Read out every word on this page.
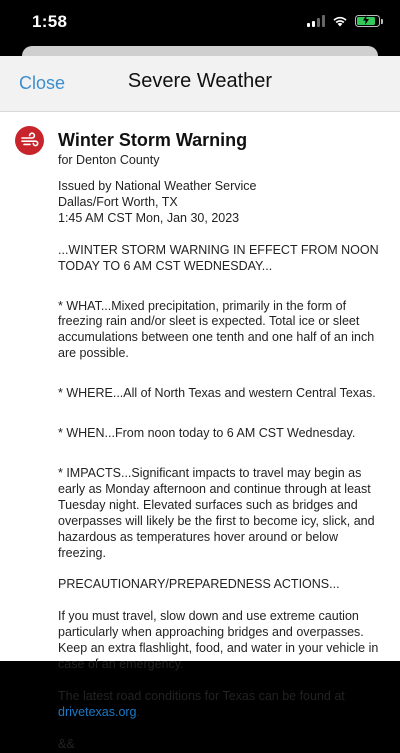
1:58
Close	Severe Weather
Winter Storm Warning
for Denton County
Issued by National Weather Service
Dallas/Fort Worth, TX
1:45 AM CST Mon, Jan 30, 2023
...WINTER STORM WARNING IN EFFECT FROM NOON TODAY TO 6 AM CST WEDNESDAY...
* WHAT...Mixed precipitation, primarily in the form of freezing rain and/or sleet is expected. Total ice or sleet accumulations between one tenth and one half of an inch are possible.
* WHERE...All of North Texas and western Central Texas.
* WHEN...From noon today to 6 AM CST Wednesday.
* IMPACTS...Significant impacts to travel may begin as early as Monday afternoon and continue through at least Tuesday night. Elevated surfaces such as bridges and overpasses will likely be the first to become icy, slick, and hazardous as temperatures hover around or below freezing.
PRECAUTIONARY/PREPAREDNESS ACTIONS...
If you must travel, slow down and use extreme caution particularly when approaching bridges and overpasses. Keep an extra flashlight, food, and water in your vehicle in case of an emergency.
The latest road conditions for Texas can be found at drivetexas.org.
&&
